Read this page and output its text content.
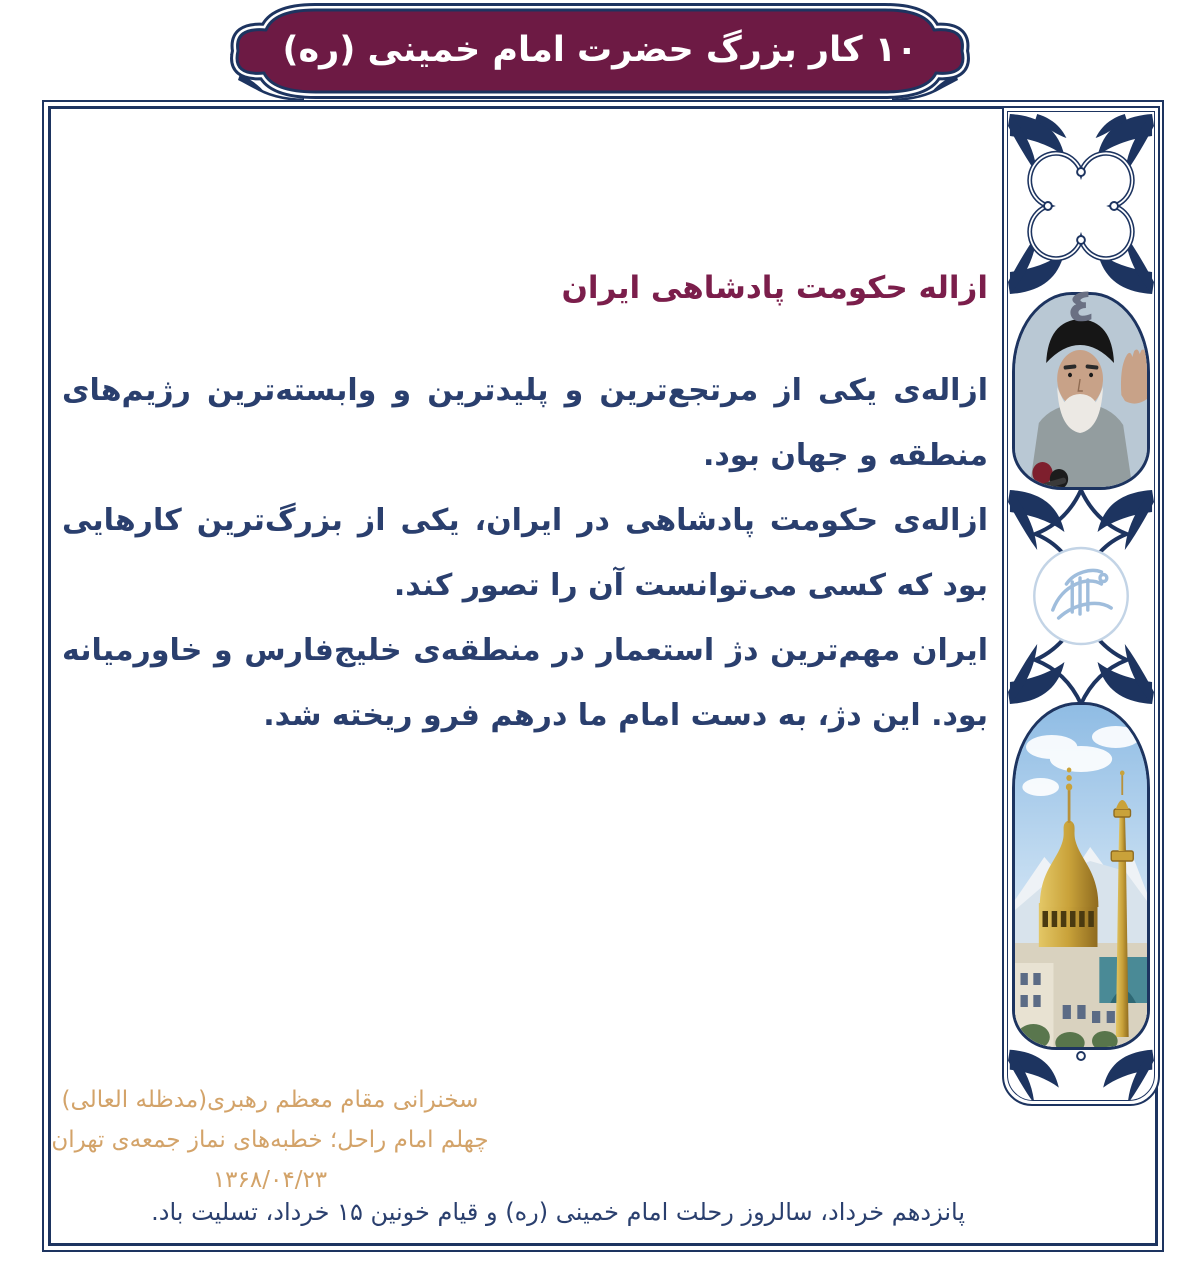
۱۰ کار بزرگ حضرت امام خمینی (ره)
٤
ازاله حکومت پادشاهی ایران

ازاله‌ی یکی از مرتجع‌ترین و پلیدترین و وابسته‌ترین رژیم‌های منطقه و جهان بود.

ازاله‌ی حکومت پادشاهی در ایران، یکی از بزرگ‌ترین کارهایی بود که کسی می‌توانست آن را تصور کند.

ایران مهم‌ترین دژ استعمار در منطقه‌ی خلیج‌فارس و خاورمیانه بود. این دژ، به دست امام ما درهم فرو ریخته شد.

سخنرانی مقام معظم رهبری(مدظله العالی)
چهلم امام راحل؛ خطبه‌های نماز جمعه‌ی تهران
۱۳۶۸/۰۴/۲۳
پانزدهم خرداد، سالروز رحلت امام خمینی (ره) و قیام خونین ۱۵ خرداد، تسلیت باد.
